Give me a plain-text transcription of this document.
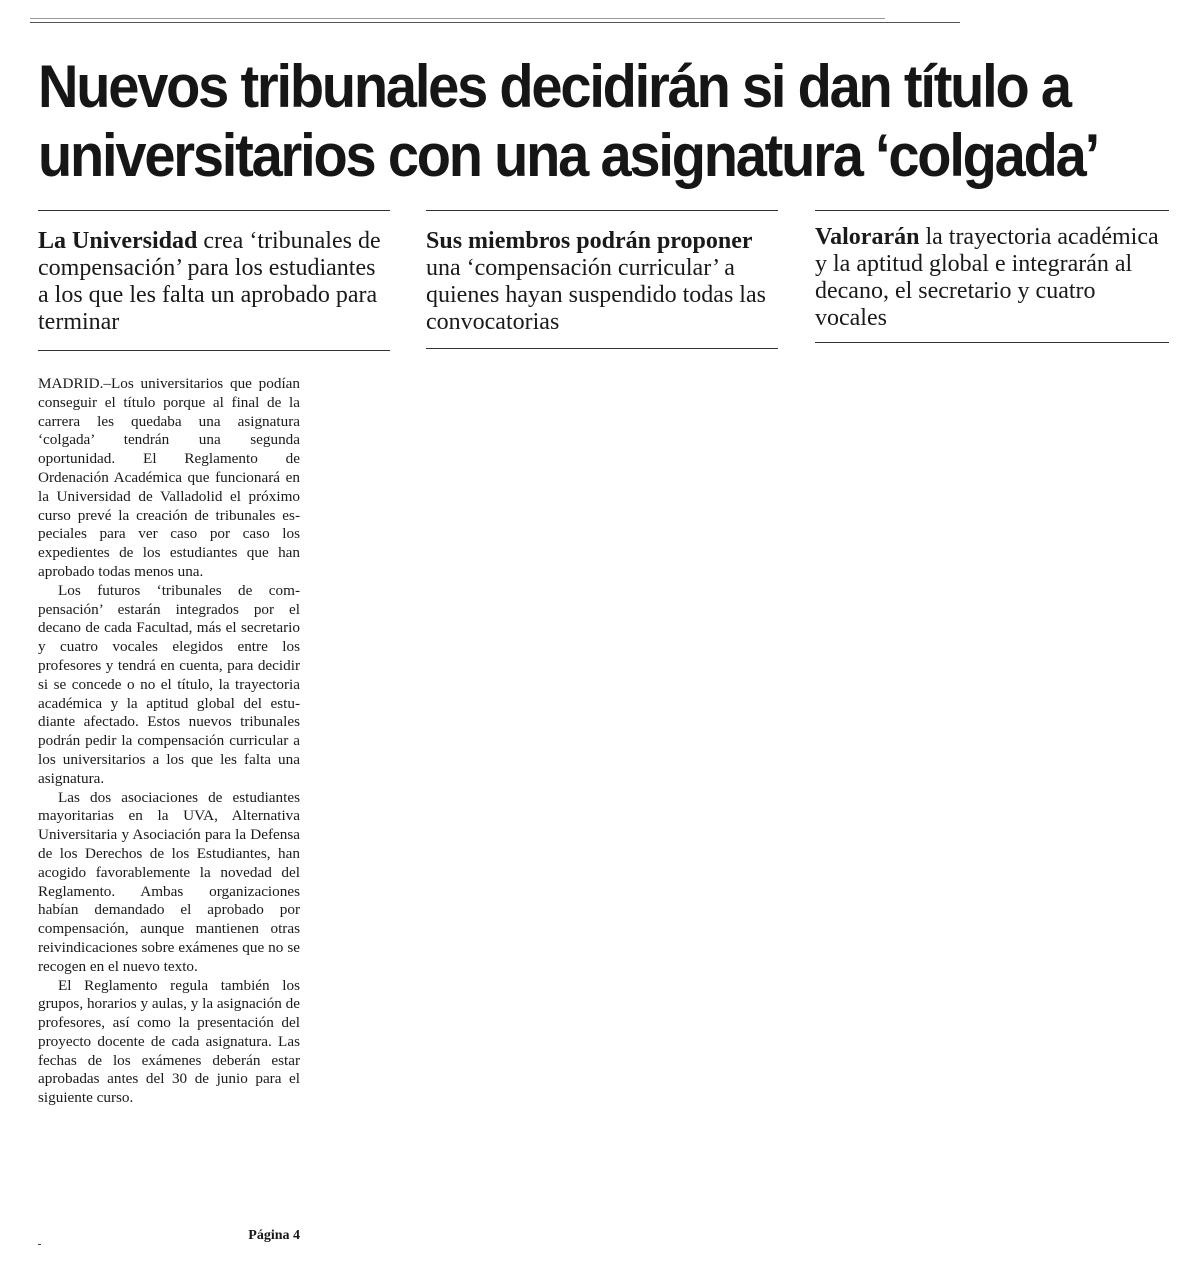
Nuevos tribunales decidirán si dan título a
universitarios con una asignatura ‘colgada’
La Universidad crea ‘tribunales de compensación’ para los estudiantes a los que les falta un aprobado para terminar
Sus miembros podrán proponer una ‘compensación curricular’ a quienes hayan suspendido todas las convocatorias
Valorarán la trayectoria académica y la aptitud global e integrarán al decano, el secretario y cuatro vocales

MADRID.–Los universitarios que podían conseguir el título porque al final de la carrera les quedaba una asignatura ‘colgada’ tendrán una segunda oportunidad. El Reglamento de Ordenación Académica que funcionará en la Universidad de Valladolid el próximo curso prevé la creación de tribunales especiales para ver caso por caso los expedientes de los estudiantes que han aprobado todas menos una.

Los futuros ‘tribunales de compensación’ estarán integrados por el decano de cada Facultad, más el secretario y cuatro vocales elegidos entre los profesores y tendrá en cuenta, para decidir si se concede o no el título, la trayectoria académica y la aptitud global del estudiante afectado. Estos nuevos tribunales podrán pedir la compensación curricular a los universitarios a los que les falta una asignatura.

Las dos asociaciones de estudiantes mayoritarias en la UVA, Alternativa Universitaria y Asociación para la Defensa de los Derechos de los Estudiantes, han acogido favorablemente la novedad del Reglamento. Ambas organizaciones habían demandado el aprobado por compensación, aunque mantienen otras reivindicaciones sobre exámenes que no se recogen en el nuevo texto.

El Reglamento regula también los grupos, horarios y aulas, y la asignación de profesores, así como la presentación del proyecto docente de cada asignatura. Las fechas de los exámenes deberán estar aprobadas antes del 30 de junio para el siguiente curso.

Página 4
